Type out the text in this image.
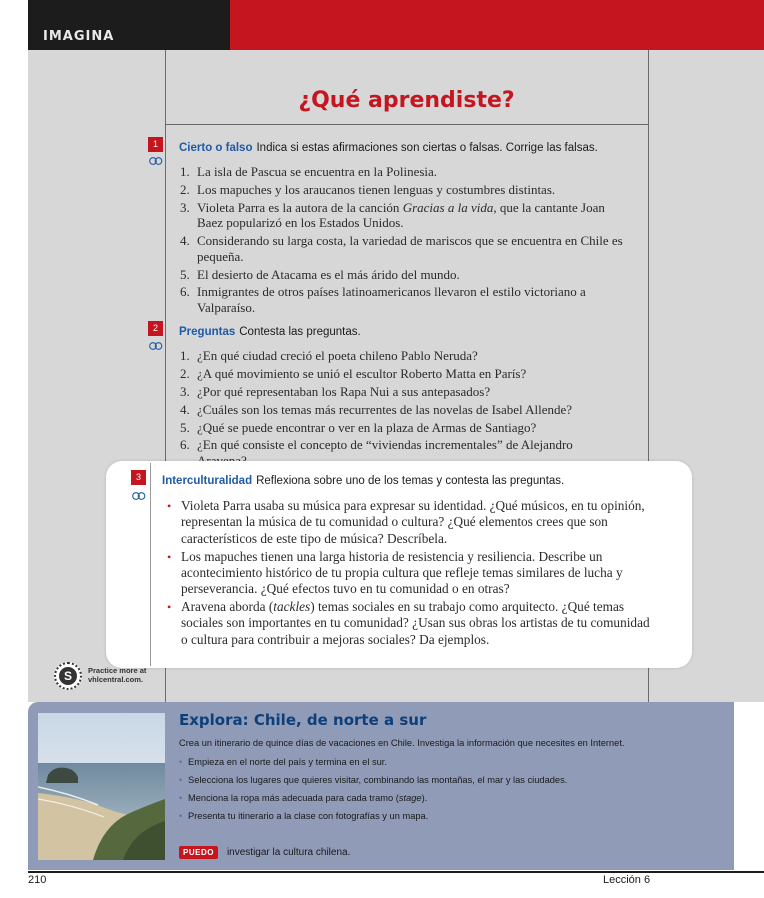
IMAGINA
¿Qué aprendiste?
1	Cierto o falso Indica si estas afirmaciones son ciertas o falsas. Corrige las falsas.
1. La isla de Pascua se encuentra en la Polinesia.
2. Los mapuches y los araucanos tienen lenguas y costumbres distintas.
3. Violeta Parra es la autora de la canción Gracias a la vida, que la cantante Joan Baez popularizó en los Estados Unidos.
4. Considerando su larga costa, la variedad de mariscos que se encuentra en Chile es pequeña.
5. El desierto de Atacama es el más árido del mundo.
6. Inmigrantes de otros países latinoamericanos llevaron el estilo victoriano a Valparaíso.
2	Preguntas Contesta las preguntas.
1. ¿En qué ciudad creció el poeta chileno Pablo Neruda?
2. ¿A qué movimiento se unió el escultor Roberto Matta en París?
3. ¿Por qué representaban los Rapa Nui a sus antepasados?
4. ¿Cuáles son los temas más recurrentes de las novelas de Isabel Allende?
5. ¿Qué se puede encontrar o ver en la plaza de Armas de Santiago?
6. ¿En qué consiste el concepto de “viviendas incrementales” de Alejandro
3	Interculturalidad Reflexiona sobre uno de los temas y contesta las preguntas.
• Violeta Parra usaba su música para expresar su identidad. ¿Qué músicos, en tu opinión, representan la música de tu comunidad o cultura? ¿Qué elementos crees que son característicos de este tipo de música? Descríbela.
• Los mapuches tienen una larga historia de resistencia y resiliencia. Describe un acontecimiento histórico de tu propia cultura que refleje temas similares de lucha y perseverancia. ¿Qué efectos tuvo en tu comunidad o en otras?
• Aravena aborda (tackles) temas sociales en su trabajo como arquitecto. ¿Qué temas sociales son importantes en tu comunidad? ¿Usan sus obras los artistas de tu comunidad o cultura para contribuir a mejoras sociales? Da ejemplos.
S	Practice more at
vhlcentral.com.
Explora: Chile, de norte a sur
Crea un itinerario de quince días de vacaciones en Chile. Investiga la información que necesites en Internet.
• Empieza en el norte del país y termina en el sur.
• Selecciona los lugares que quieres visitar, combinando las montañas, el mar y las ciudades.
• Menciona la ropa más adecuada para cada tramo (stage).
• Presenta tu itinerario a la clase con fotografías y un mapa.
PUEDO	investigar la cultura chilena.
210	Lección 6
